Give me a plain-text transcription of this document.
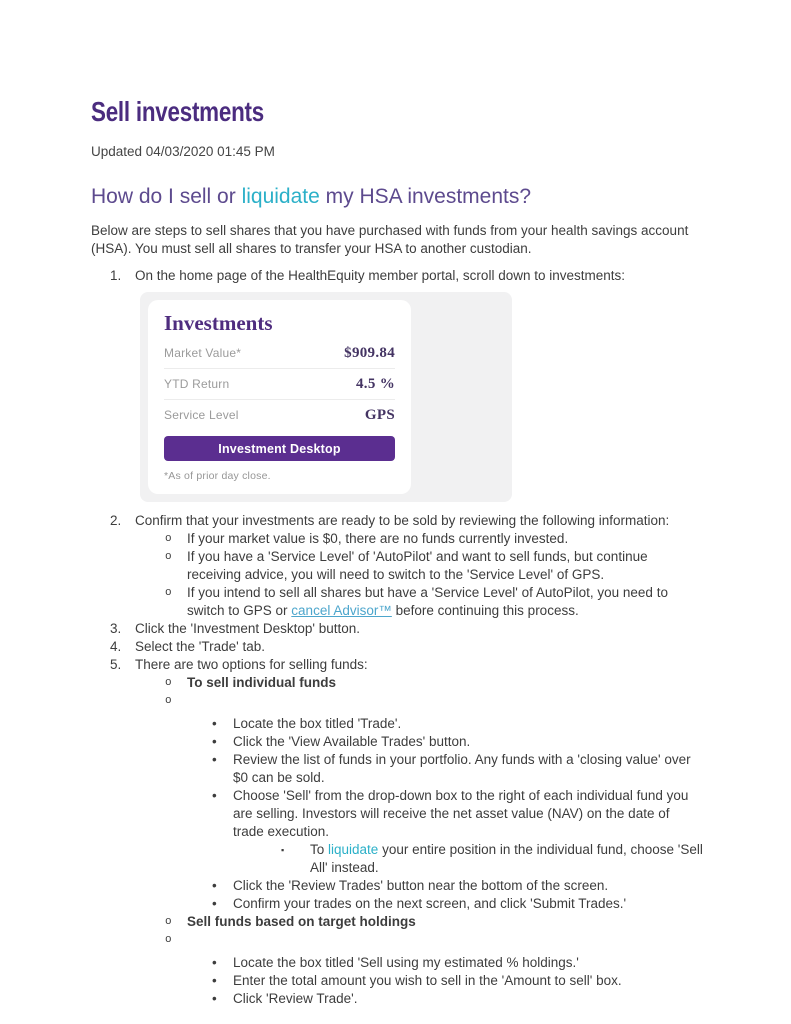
Sell investments

Updated 04/03/2020 01:45 PM

How do I sell or liquidate my HSA investments?

Below are steps to sell shares that you have purchased with funds from your health savings account (HSA). You must sell all shares to transfer your HSA to another custodian.

1. On the home page of the HealthEquity member portal, scroll down to investments:
Investments
Market Value*	$909.84
YTD Return	4.5 %
Service Level	GPS
Investment Desktop
*As of prior day close.
2. Confirm that your investments are ready to be sold by reviewing the following information:
o If your market value is $0, there are no funds currently invested.
o If you have a 'Service Level' of 'AutoPilot' and want to sell funds, but continue receiving advice, you will need to switch to the 'Service Level' of GPS.
o If you intend to sell all shares but have a 'Service Level' of AutoPilot, you need to switch to GPS or cancel Advisor™ before continuing this process.
3. Click the 'Investment Desktop' button.
4. Select the 'Trade' tab.
5. There are two options for selling funds:
o To sell individual funds
o
• Locate the box titled 'Trade'.
• Click the 'View Available Trades' button.
• Review the list of funds in your portfolio. Any funds with a 'closing value' over $0 can be sold.
• Choose 'Sell' from the drop-down box to the right of each individual fund you are selling. Investors will receive the net asset value (NAV) on the date of trade execution.
▪ To liquidate your entire position in the individual fund, choose 'Sell All' instead.
• Click the 'Review Trades' button near the bottom of the screen.
• Confirm your trades on the next screen, and click 'Submit Trades.'
o Sell funds based on target holdings
o
• Locate the box titled 'Sell using my estimated % holdings.'
• Enter the total amount you wish to sell in the 'Amount to sell' box.
• Click 'Review Trade'.
